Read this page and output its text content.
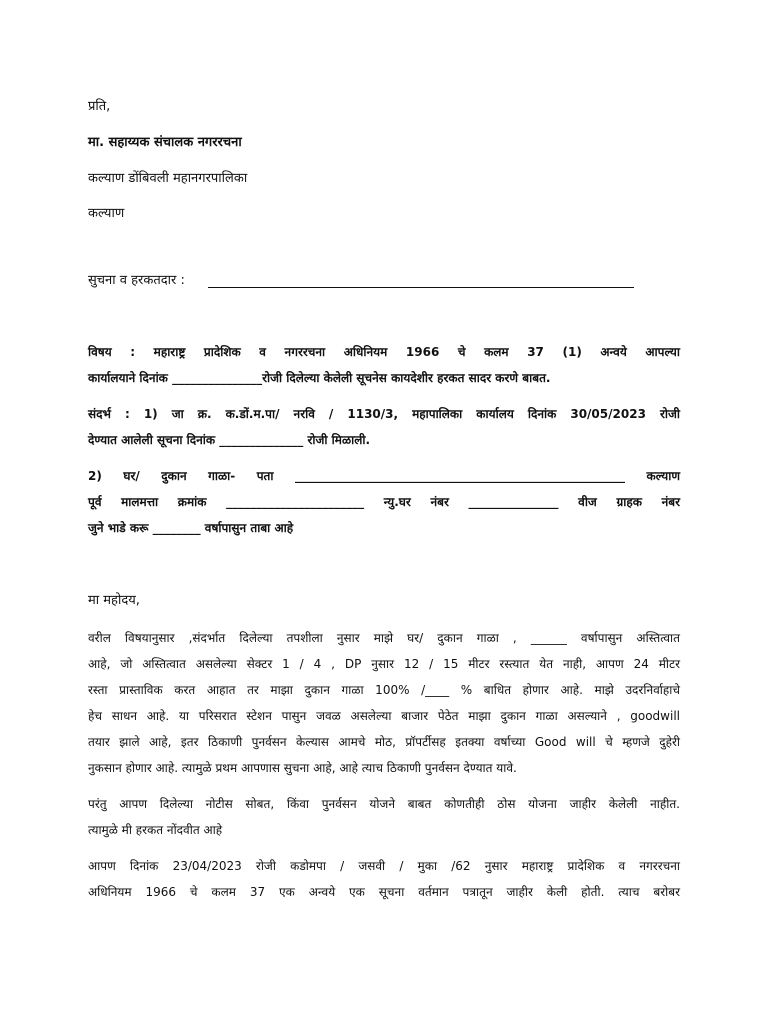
प्रति,
मा. सहाय्यक संचालक नगररचना
कल्याण डोंबिवली महानगरपालिका
कल्याण
सुचना व हरकतदार :
विषय : महाराष्ट्र प्रादेशिक व नगररचना अधिनियम 1966 चे कलम 37 (1) अन्वये आपल्या
कार्यालयाने दिनांक _______________रोजी दिलेल्या केलेली सूचनेस कायदेशीर हरकत सादर करणे बाबत.
संदर्भ : 1) जा क्र. क.डों.म.पा/ नरवि / 1130/3, महापालिका कार्यालय दिनांक 30/05/2023 रोजी
देण्यात आलेली सूचना दिनांक ______________ रोजी मिळाली.
2) घर/ दुकान गाळा- पता _______________________________________________________ कल्याण
पूर्व मालमत्ता क्रमांक _______________________ न्यु.घर नंबर _______________ वीज ग्राहक नंबर
जुने भाडे करू ________ वर्षापासुन ताबा आहे
मा महोदय,
वरील विषयानुसार ,संदर्भात दिलेल्या तपशीला नुसार माझे घर/ दुकान गाळा , ______ वर्षापासुन अस्तित्वात
आहे, जो अस्तित्वात असलेल्या सेक्टर 1 / 4 , DP नुसार 12 / 15 मीटर रस्त्यात येत नाही, आपण 24 मीटर
रस्ता प्रास्ताविक करत आहात तर माझा दुकान गाळा 100% /____ % बाधित होणार आहे. माझे उदरनिर्वाहाचे
हेच साधन आहे. या परिसरात स्टेशन पासुन जवळ असलेल्या बाजार पेठेत माझा दुकान गाळा असल्याने , goodwill
तयार झाले आहे, इतर ठिकाणी पुनर्वसन केल्यास आमचे मोठ, प्रॉपर्टीसह इतक्या वर्षाच्या Good will चे म्हणजे दुहेरी
नुकसान होणार आहे. त्यामुळे प्रथम आपणास सुचना आहे, आहे त्याच ठिकाणी पुनर्वसन देण्यात यावे.
परंतु आपण दिलेल्या नोटीस सोबत, किंवा पुनर्वसन योजने बाबत कोणतीही ठोस योजना जाहीर केलेली नाहीत.
त्यामुळे मी हरकत नोंदवीत आहे
आपण दिनांक 23/04/2023 रोजी कडोमपा / जसवी / मुका /62 नुसार महाराष्ट्र प्रादेशिक व नगररचना
अधिनियम 1966 चे कलम 37 एक अन्वये एक सूचना वर्तमान पत्रातून जाहीर केली होती. त्याच बरोबर
